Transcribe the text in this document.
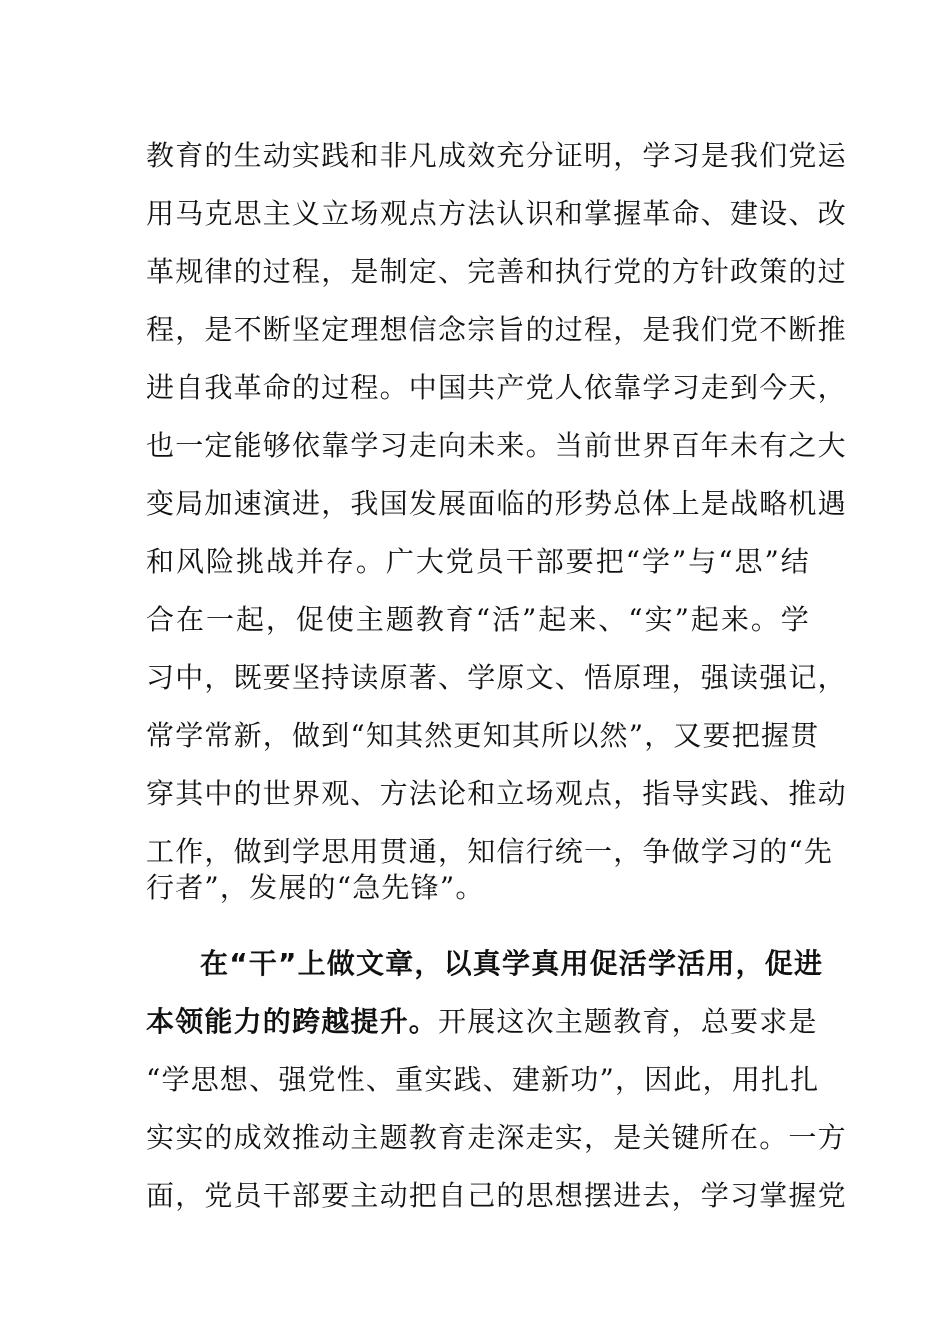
教育的生动实践和非凡成效充分证明，学习是我们党运
用马克思主义立场观点方法认识和掌握革命、建设、改
革规律的过程，是制定、完善和执行党的方针政策的过
程，是不断坚定理想信念宗旨的过程，是我们党不断推
进自我革命的过程。中国共产党人依靠学习走到今天，
也一定能够依靠学习走向未来。当前世界百年未有之大
变局加速演进，我国发展面临的形势总体上是战略机遇
和风险挑战并存。广大党员干部要把“学”与“思”结
合在一起，促使主题教育“活”起来、“实”起来。学
习中，既要坚持读原著、学原文、悟原理，强读强记，
常学常新，做到“知其然更知其所以然”，又要把握贯
穿其中的世界观、方法论和立场观点，指导实践、推动
工作，做到学思用贯通，知信行统一，争做学习的“先
行者”，发展的“急先锋”。
在“干”上做文章，以真学真用促活学活用，促进
本领能力的跨越提升。开展这次主题教育，总要求是
“学思想、强党性、重实践、建新功”，因此，用扎扎
实实的成效推动主题教育走深走实，是关键所在。一方
面，党员干部要主动把自己的思想摆进去，学习掌握党
